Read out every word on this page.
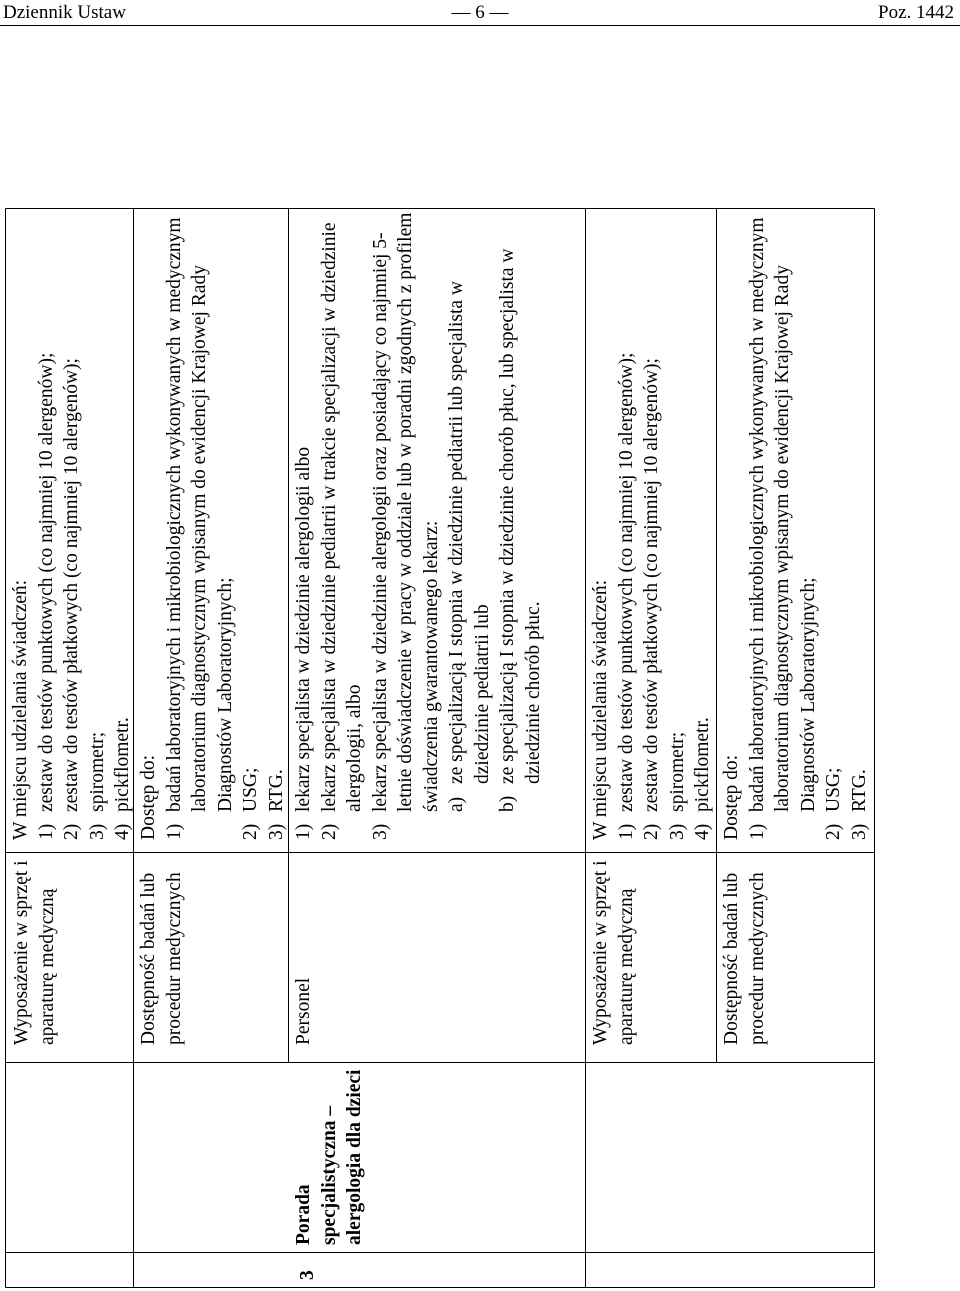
Dziennik Ustaw	— 6 —	Poz. 1442

Wyposażenie w sprzęt i aparaturę medyczną

W miejscu udzielania świadczeń: 1)
zestaw do testów punktowych (co najmniej 10 alergenów);
2)
zestaw do testów płatkowych (co najmniej 10 alergenów);
3)
spirometr;
4)
pickflometr.

Dostępność badań lub procedur medycznych

Dostęp do: 1)
badań laboratoryjnych i mikrobiologicznych wykonywanych w medycznym laboratorium diagnostycznym wpisanym do ewidencji Krajowej Rady Diagnostów Laboratoryjnych;
2)
USG;
3)
RTG.

3

Porada specjalistyczna – alergologia dla dzieci

Personel

1)
lekarz specjalista w dziedzinie alergologii albo
2)
lekarz specjalista w dziedzinie pediatrii w trakcie specjalizacji w dziedzinie alergologii, albo
3)
lekarz specjalista w dziedzinie alergologii oraz posiadający co najmniej 5-letnie doświadczenie w pracy w oddziale lub w poradni zgodnych z profilem świadczenia gwarantowanego lekarz: a)
ze specjalizacją I stopnia w dziedzinie pediatrii lub specjalista w dziedzinie pediatrii lub
b)
ze specjalizacją I stopnia w dziedzinie chorób płuc, lub specjalista w dziedzinie chorób płuc.

Wyposażenie w sprzęt i aparaturę medyczną

W miejscu udzielania świadczeń: 1)
zestaw do testów punktowych (co najmniej 10 alergenów);
2)
zestaw do testów płatkowych (co najmniej 10 alergenów);
3)
spirometr;
4)
pickflometr.

Dostępność badań lub procedur medycznych

Dostęp do: 1)
badań laboratoryjnych i mikrobiologicznych wykonywanych w medycznym laboratorium diagnostycznym wpisanym do ewidencji Krajowej Rady Diagnostów Laboratoryjnych;
2)
USG;
3)
RTG.
